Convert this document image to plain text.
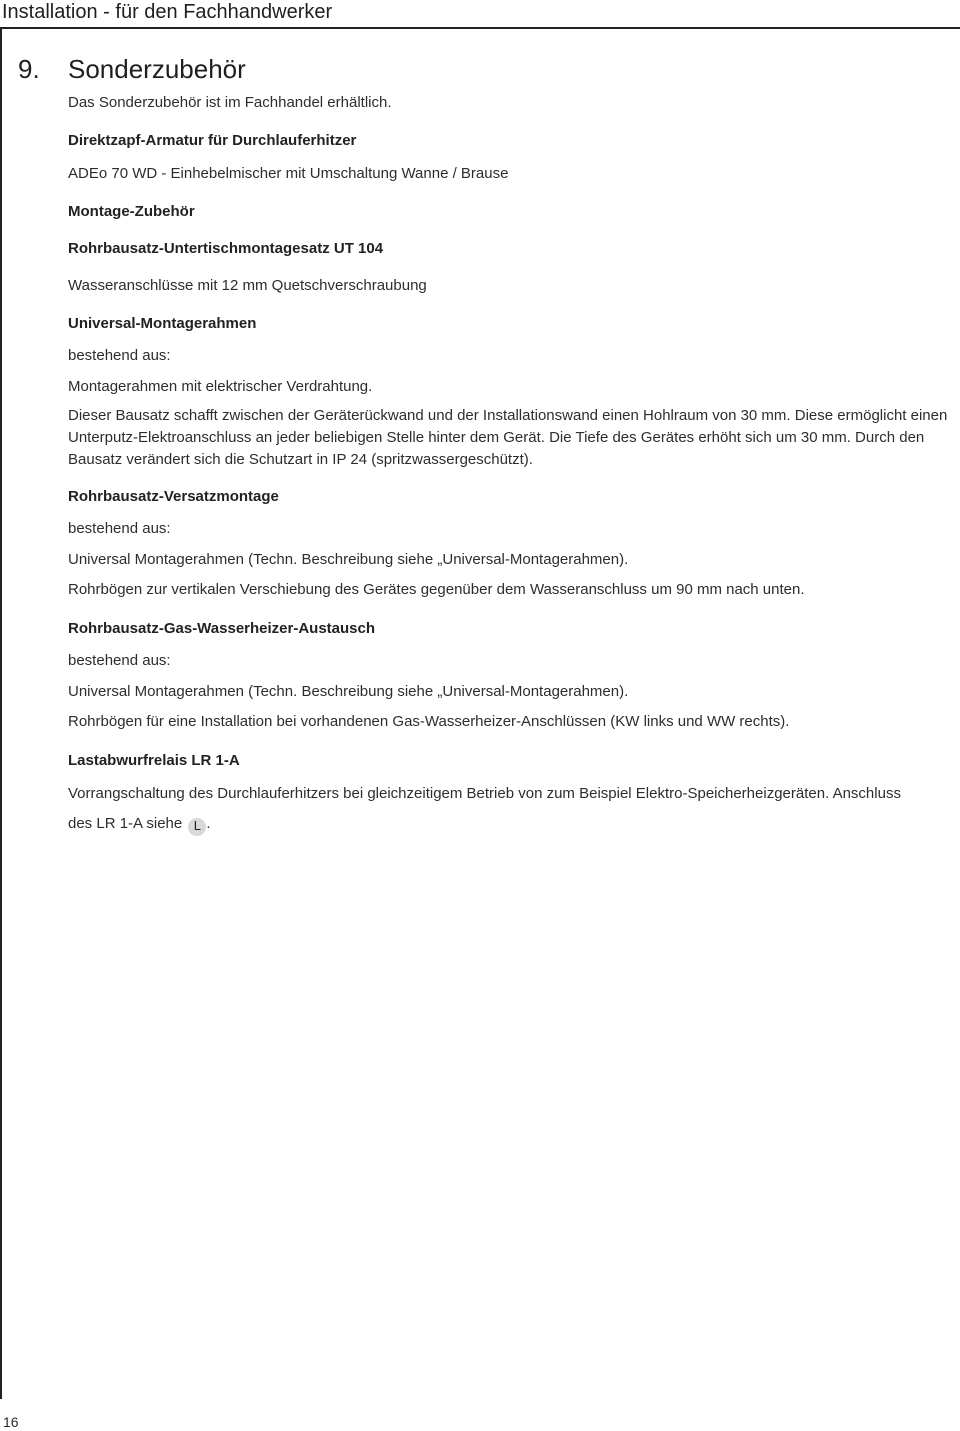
Installation - für den Fachhandwerker
9. Sonderzubehör
Das Sonderzubehör ist im Fachhandel erhältlich.
Direktzapf-Armatur für Durchlauferhitzer
ADEo 70 WD - Einhebelmischer mit Umschaltung Wanne / Brause
Montage-Zubehör
Rohrbausatz-Untertischmontagesatz UT 104
Wasseranschlüsse mit 12 mm Quetschverschraubung
Universal-Montagerahmen
bestehend aus:
Montagerahmen mit elektrischer Verdrahtung.
Dieser Bausatz schafft zwischen der Geräterückwand und der Installationswand einen Hohlraum von 30 mm. Diese ermöglicht einen Unterputz-Elektroanschluss an jeder beliebigen Stelle hinter dem Gerät. Die Tiefe des Gerätes erhöht sich um 30 mm. Durch den Bausatz verändert sich die Schutzart in IP 24 (spritzwassergeschützt).
Rohrbausatz-Versatzmontage
bestehend aus:
Universal Montagerahmen (Techn. Beschreibung siehe „Universal-Montagerahmen).
Rohrbögen zur vertikalen Verschiebung des Gerätes gegenüber dem Wasseranschluss um 90 mm nach unten.
Rohrbausatz-Gas-Wasserheizer-Austausch
bestehend aus:
Universal Montagerahmen (Techn. Beschreibung siehe „Universal-Montagerahmen).
Rohrbögen für eine Installation bei vorhandenen Gas-Wasserheizer-Anschlüssen (KW links und WW rechts).
Lastabwurfrelais LR 1-A
Vorrangschaltung des Durchlauferhitzers bei gleichzeitigem Betrieb von zum Beispiel Elektro-Speicherheizgeräten. Anschluss
des LR 1-A siehe L .
16
